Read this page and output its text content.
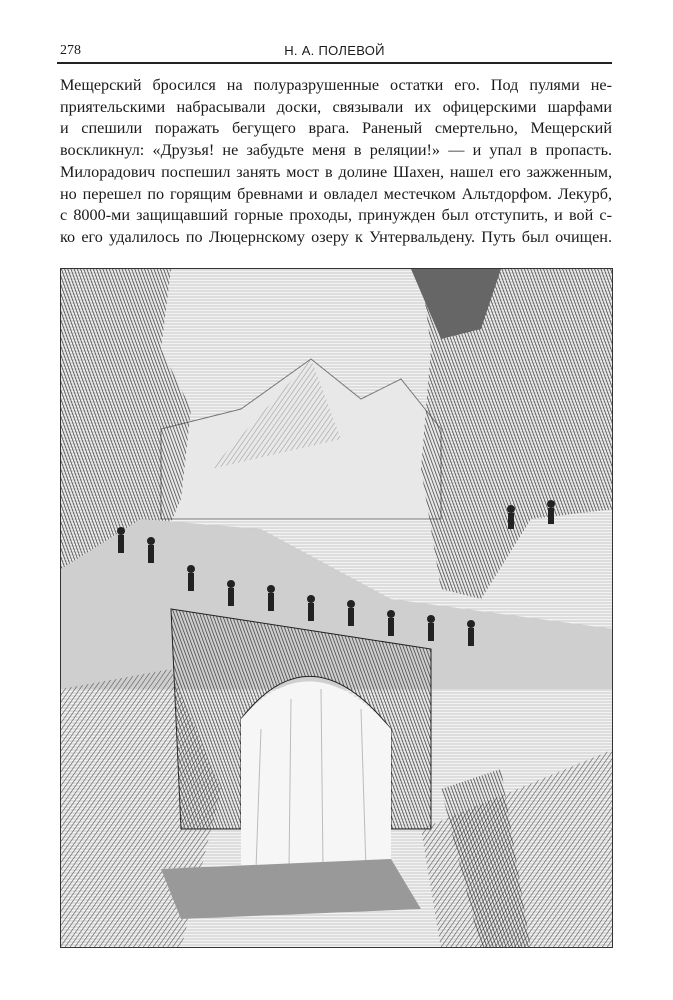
278	Н. А. ПОЛЕВОЙ
Мещерский бросился на полуразрушенные остатки его. Под пулями не-
приятельскими набрасывали доски, связывали их офицерскими шарфами
и спешили поражать бегущего врага. Раненый смертельно, Мещерский
воскликнул: «Друзья! не забудьте меня в реляции!» — и упал в пропасть.
Милорадович поспешил занять мост в долине Шахен, нашел его зажженным,
но перешел по горящим бревнами и овладел местечком Альтдорфом. Лекурб,
с 8000-ми защищавший горные проходы, принужден был отступить, и вой с-
ко его удалилось по Люцернскому озеру к Унтервальдену. Путь был очищен.
